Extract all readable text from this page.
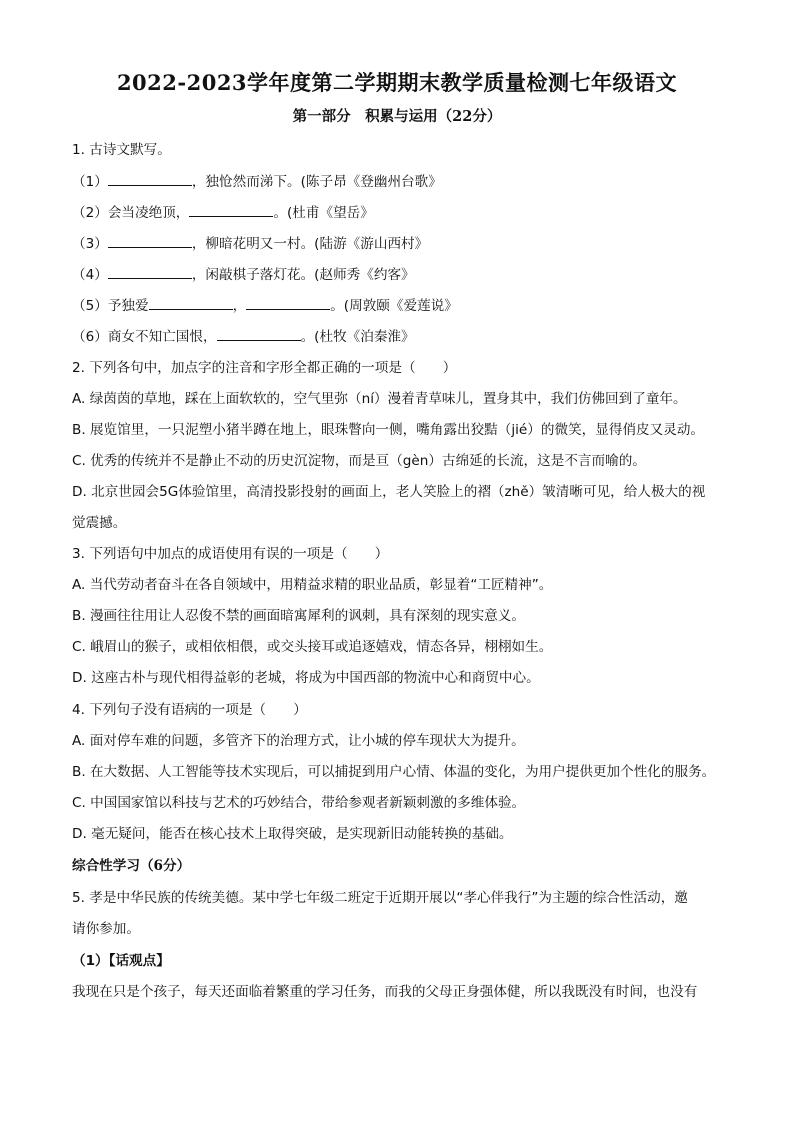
2022-2023学年度第二学期期末教学质量检测七年级语文
第一部分　积累与运用（22分）
1. 古诗文默写。
（1）	，独怆然而涕下。(陈子昂《登幽州台歌》
（2）会当凌绝顶，	。(杜甫《望岳》
（3）	，柳暗花明又一村。(陆游《游山西村》
（4）	，闲敲棋子落灯花。(赵师秀《约客》
（5）予独爱	，	。(周敦颐《爱莲说》
（6）商女不知亡国恨，	。(杜牧《泊秦淮》
2. 下列各句中，加点字的注音和字形全都正确的一项是（　　）
A. 绿茵茵的草地，踩在上面软软的，空气里弥（ní）漫着青草味儿，置身其中，我们仿佛回到了童年。
B. 展览馆里，一只泥塑小猪半蹲在地上，眼珠瞥向一侧，嘴角露出狡黠（jié）的微笑，显得俏皮又灵动。
C. 优秀的传统并不是静止不动的历史沉淀物，而是亘（gèn）古绵延的长流，这是不言而喻的。
D. 北京世园会5G体验馆里，高清投影投射的画面上，老人笑脸上的褶（zhě）皱清晰可见，给人极大的视
觉震撼。
3. 下列语句中加点的成语使用有误的一项是（　　）
A. 当代劳动者奋斗在各自领域中，用精益求精的职业品质，彰显着“工匠精神”。
B. 漫画往往用让人忍俊不禁的画面暗寓犀利的讽刺，具有深刻的现实意义。
C. 峨眉山的猴子，或相依相偎，或交头接耳或追逐嬉戏，情态各异，栩栩如生。
D. 这座古朴与现代相得益彰的老城，将成为中国西部的物流中心和商贸中心。
4. 下列句子没有语病的一项是（　　）
A. 面对停车难的问题，多管齐下的治理方式，让小城的停车现状大为提升。
B. 在大数据、人工智能等技术实现后，可以捕捉到用户心情、体温的变化，为用户提供更加个性化的服务。
C. 中国国家馆以科技与艺术的巧妙结合，带给参观者新颖刺激的多维体验。
D. 毫无疑问，能否在核心技术上取得突破，是实现新旧动能转换的基础。
综合性学习（6分）
5. 孝是中华民族的传统美德。某中学七年级二班定于近期开展以“孝心伴我行”为主题的综合性活动，邀
请你参加。
（1）【话观点】
我现在只是个孩子，每天还面临着繁重的学习任务，而我的父母正身强体健，所以我既没有时间，也没有
